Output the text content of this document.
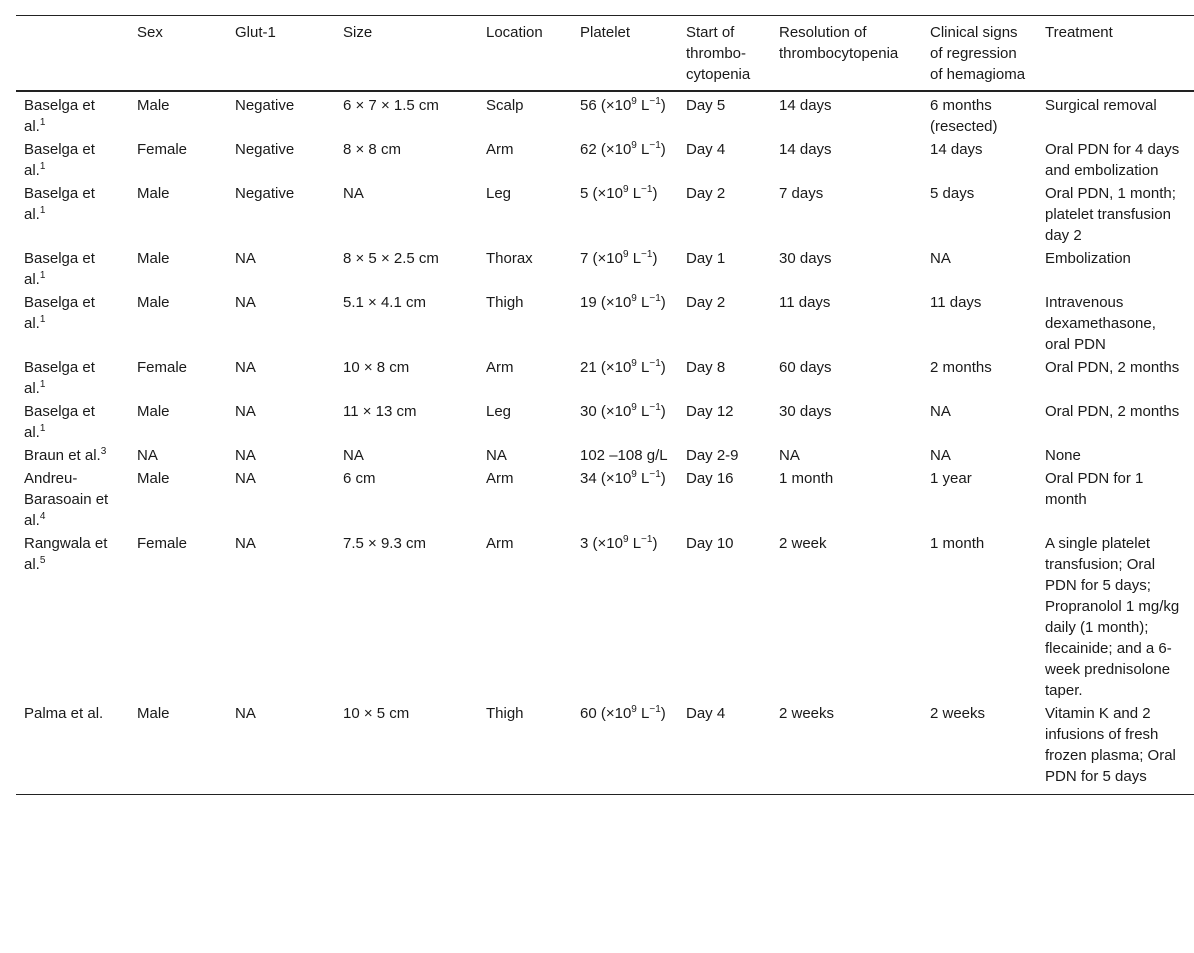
	Sex	Glut-1	Size	Location	Platelet	Start of thrombo-cytopenia	Resolution of thrombocytopenia	Clinical signs of regression of hemagioma	Treatment
Baselga et al.$^1$	Male	Negative	6 × 7 × 1.5 cm	Scalp	56 ($\times 10^9$ $L^{-1}$)	Day 5	14 days	6 months (resected)	Surgical removal
Baselga et al.$^1$	Female	Negative	8 × 8 cm	Arm	62 ($\times 10^9$ $L^{-1}$)	Day 4	14 days	14 days	Oral PDN for 4 days and embolization
Baselga et al.$^1$	Male	Negative	NA	Leg	5 ($\times 10^9$ $L^{-1}$)	Day 2	7 days	5 days	Oral PDN, 1 month; platelet transfusion day 2
Baselga et al.$^1$	Male	NA	8 × 5 × 2.5 cm	Thorax	7 ($\times 10^9$ $L^{-1}$)	Day 1	30 days	NA	Embolization
Baselga et al.$^1$	Male	NA	5.1 × 4.1 cm	Thigh	19 ($\times 10^9$ $L^{-1}$)	Day 2	11 days	11 days	Intravenous dexamethasone, oral PDN
Baselga et al.$^1$	Female	NA	10 × 8 cm	Arm	21 ($\times 10^9$ $L^{-1}$)	Day 8	60 days	2 months	Oral PDN, 2 months
Baselga et al.$^1$	Male	NA	11 × 13 cm	Leg	30 ($\times 10^9$ $L^{-1}$)	Day 12	30 days	NA	Oral PDN, 2 months
Braun et al.$^3$	NA	NA	NA	NA	102 –108 g/L	Day 2-9	NA	NA	None
Andreu-Barasoain et al.$^4$	Male	NA	6 cm	Arm	34 ($\times 10^9$ $L^{-1}$)	Day 16	1 month	1 year	Oral PDN for 1 month
Rangwala et al.$^5$	Female	NA	7.5 × 9.3 cm	Arm	3 ($\times 10^9$ $L^{-1}$)	Day 10	2 week	1 month	A single platelet transfusion; Oral PDN for 5 days; Propranolol 1 mg/kg daily (1 month); flecainide; and a 6-week prednisolone taper.
Palma et al.	Male	NA	10 × 5 cm	Thigh	60 ($\times 10^9$ $L^{-1}$)	Day 4	2 weeks	2 weeks	Vitamin K and 2 infusions of fresh frozen plasma; Oral PDN for 5 days
